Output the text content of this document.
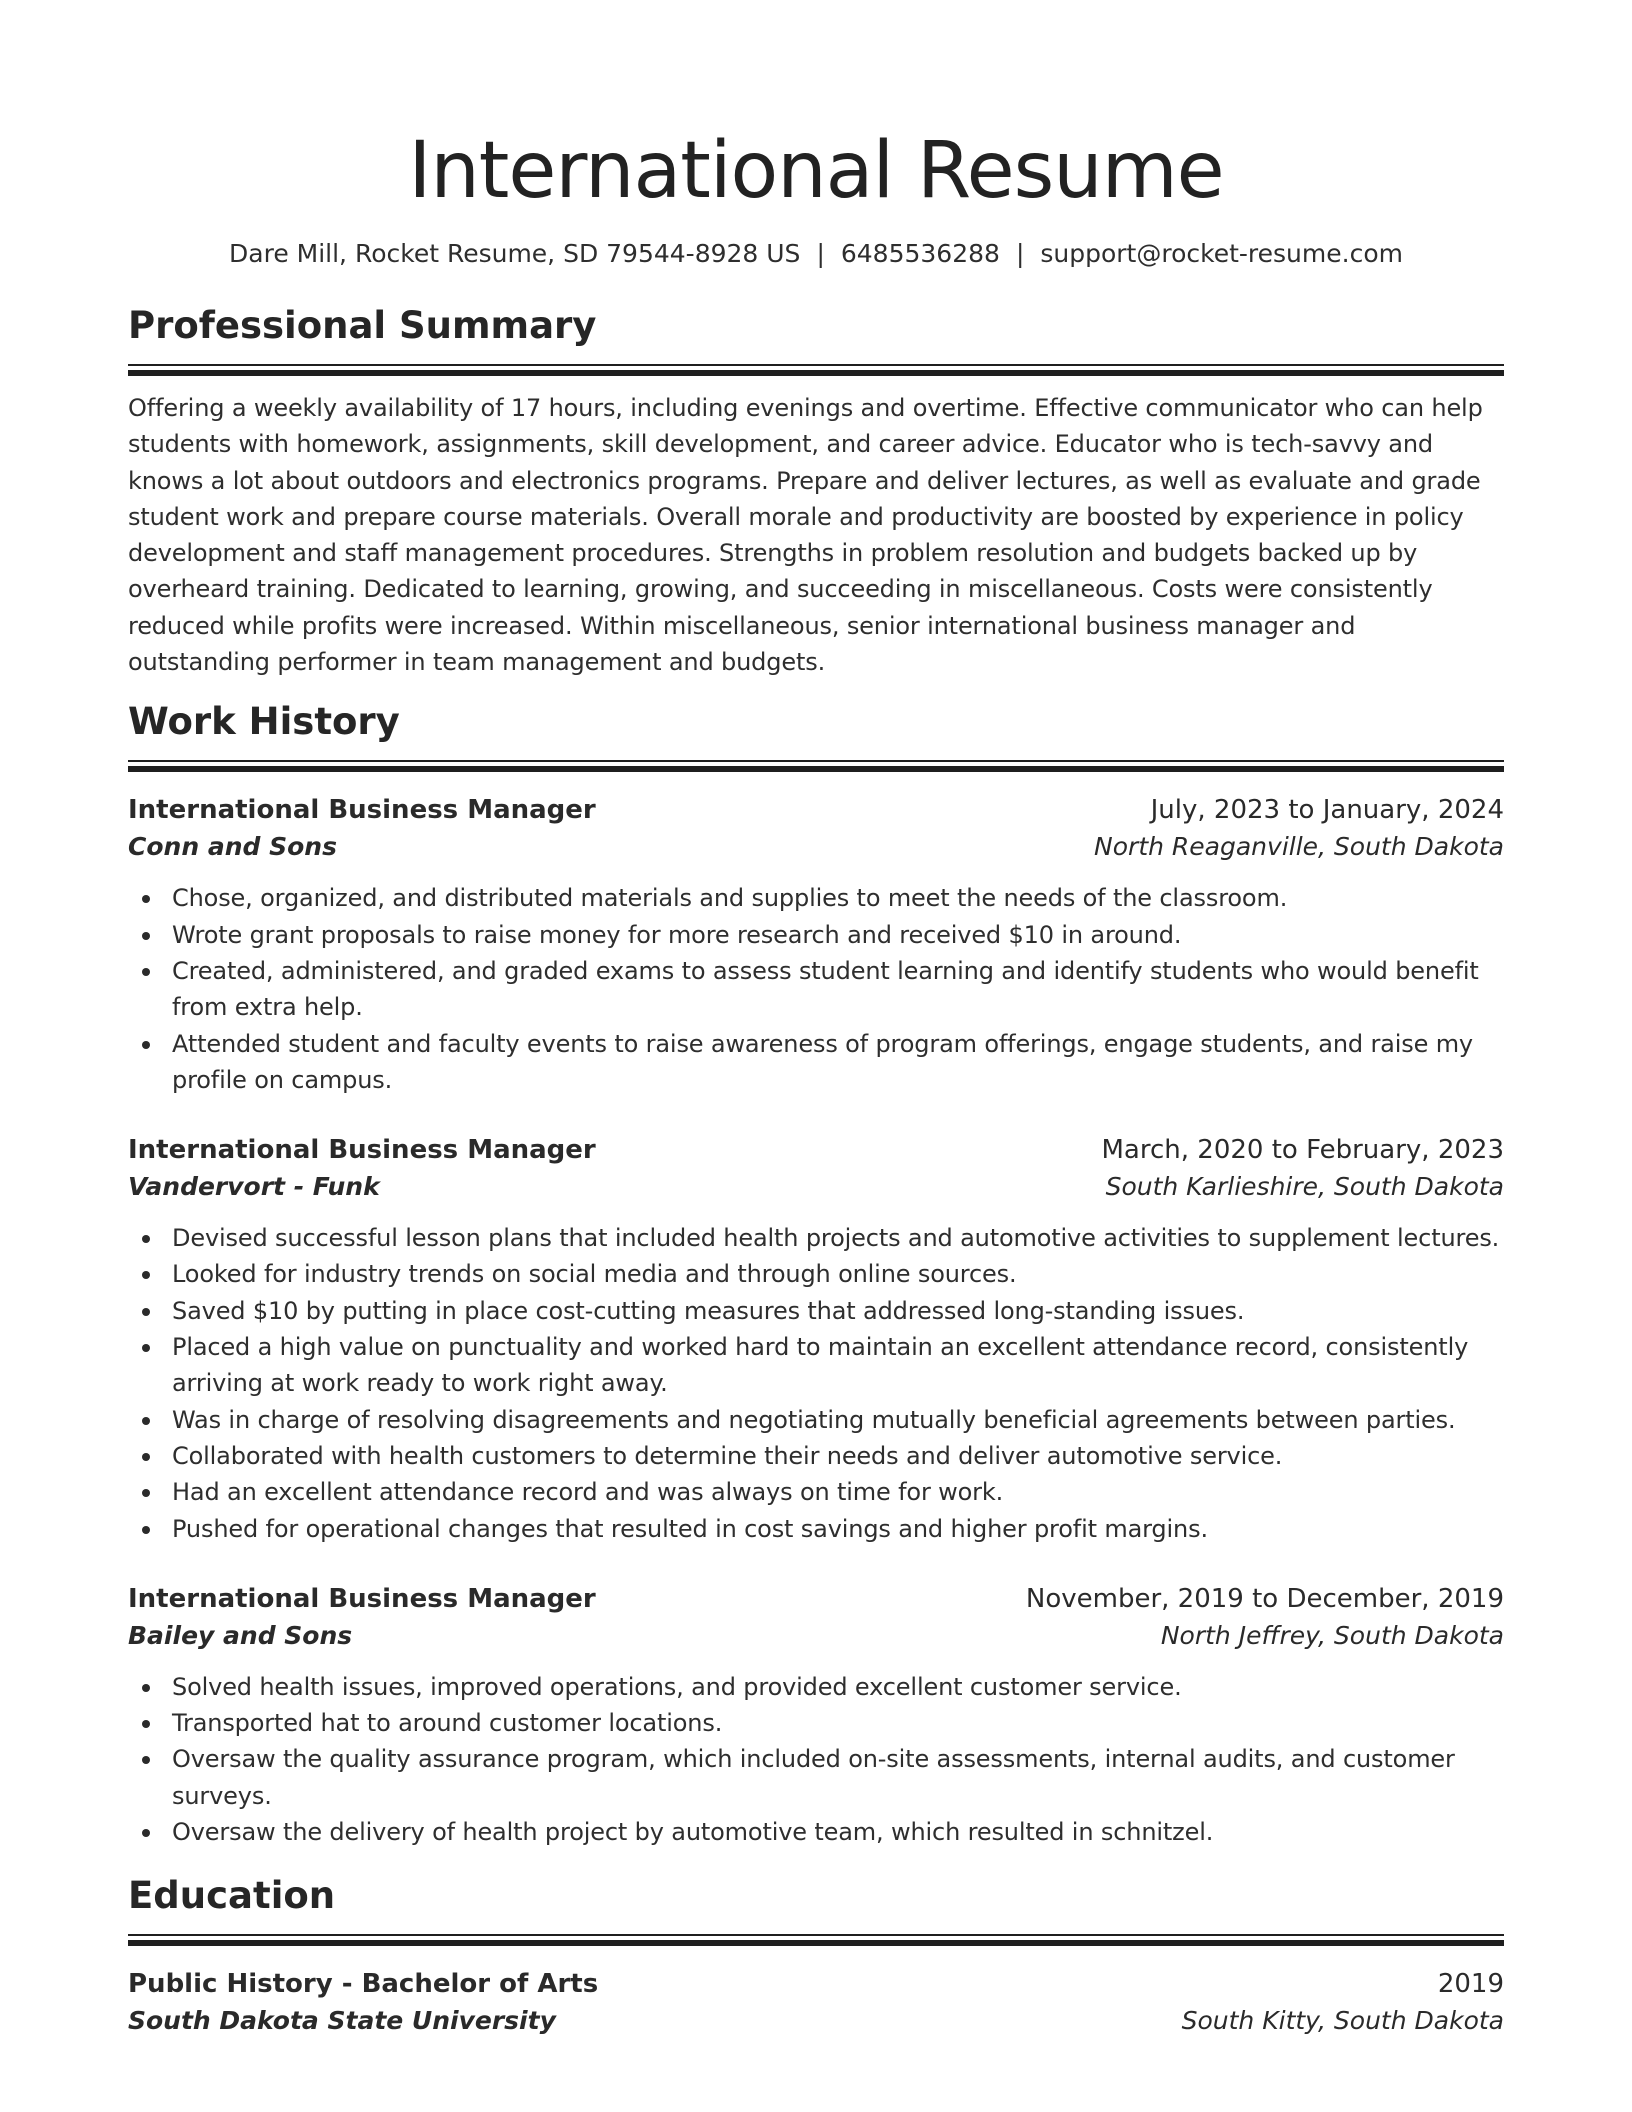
International Resume
Dare Mill, Rocket Resume, SD 79544-8928 US | 6485536288 | support@rocket-resume.com
Professional Summary
Offering a weekly availability of 17 hours, including evenings and overtime. Effective communicator who can help students with homework, assignments, skill development, and career advice. Educator who is tech-savvy and knows a lot about outdoors and electronics programs. Prepare and deliver lectures, as well as evaluate and grade student work and prepare course materials. Overall morale and productivity are boosted by experience in policy development and staff management procedures. Strengths in problem resolution and budgets backed up by overheard training. Dedicated to learning, growing, and succeeding in miscellaneous. Costs were consistently reduced while profits were increased. Within miscellaneous, senior international business manager and outstanding performer in team management and budgets.
Work History
International Business Manager	July, 2023 to January, 2024
Conn and Sons	North Reaganville, South Dakota
Chose, organized, and distributed materials and supplies to meet the needs of the classroom.
Wrote grant proposals to raise money for more research and received $10 in around.
Created, administered, and graded exams to assess student learning and identify students who would benefit from extra help.
Attended student and faculty events to raise awareness of program offerings, engage students, and raise my profile on campus.
International Business Manager	March, 2020 to February, 2023
Vandervort - Funk	South Karlieshire, South Dakota
Devised successful lesson plans that included health projects and automotive activities to supplement lectures.
Looked for industry trends on social media and through online sources.
Saved $10 by putting in place cost-cutting measures that addressed long-standing issues.
Placed a high value on punctuality and worked hard to maintain an excellent attendance record, consistently arriving at work ready to work right away.
Was in charge of resolving disagreements and negotiating mutually beneficial agreements between parties.
Collaborated with health customers to determine their needs and deliver automotive service.
Had an excellent attendance record and was always on time for work.
Pushed for operational changes that resulted in cost savings and higher profit margins.
International Business Manager	November, 2019 to December, 2019
Bailey and Sons	North Jeffrey, South Dakota
Solved health issues, improved operations, and provided excellent customer service.
Transported hat to around customer locations.
Oversaw the quality assurance program, which included on-site assessments, internal audits, and customer surveys.
Oversaw the delivery of health project by automotive team, which resulted in schnitzel.
Education
Public History - Bachelor of Arts	2019
South Dakota State University	South Kitty, South Dakota
